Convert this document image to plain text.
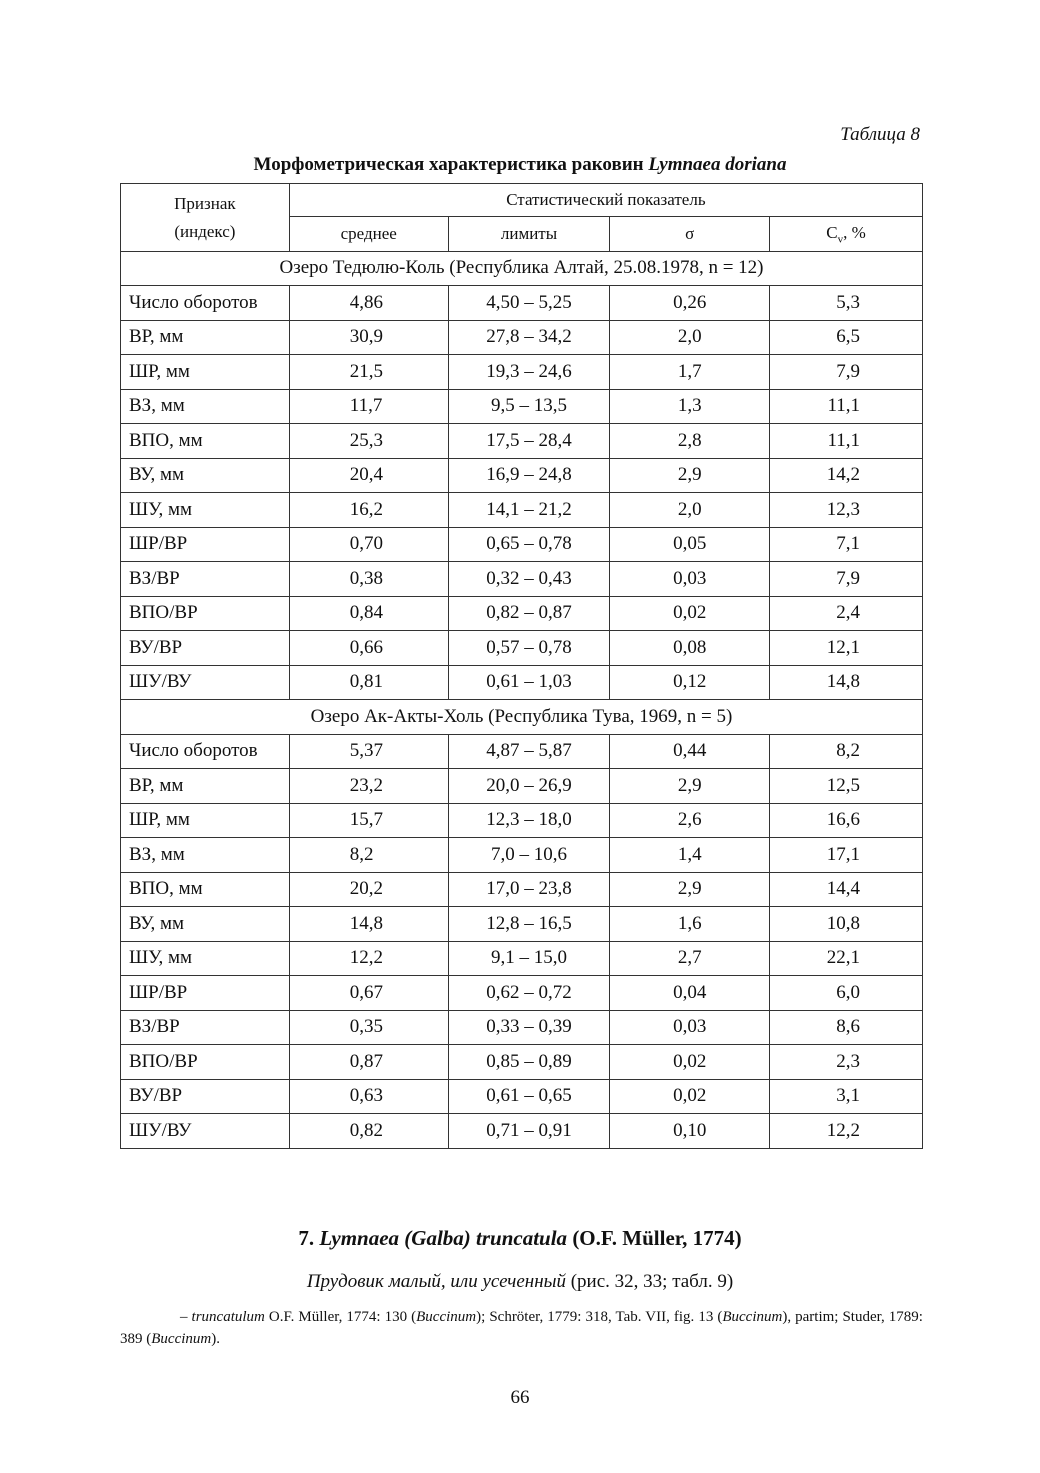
Таблица 8
Морфометрическая характеристика раковин Lymnaea doriana
Признак
(индекс)	Статистический показатель			
	среднее	лимиты	σ	$C_v$, %
Озеро Тедюлю-Коль (Республика Алтай, 25.08.1978, n = 12)				
Число оборотов	4,86	4,50 – 5,25	0,26	5,3
ВР, мм	30,9	27,8 – 34,2	2,0	6,5
ШР, мм	21,5	19,3 – 24,6	1,7	7,9
ВЗ, мм	11,7	9,5 – 13,5	1,3	11,1
ВПО, мм	25,3	17,5 – 28,4	2,8	11,1
ВУ, мм	20,4	16,9 – 24,8	2,9	14,2
ШУ, мм	16,2	14,1 – 21,2	2,0	12,3
ШР/ВР	0,70	0,65 – 0,78	0,05	7,1
ВЗ/ВР	0,38	0,32 – 0,43	0,03	7,9
ВПО/ВР	0,84	0,82 – 0,87	0,02	2,4
ВУ/ВР	0,66	0,57 – 0,78	0,08	12,1
ШУ/ВУ	0,81	0,61 – 1,03	0,12	14,8
Озеро Ак-Акты-Холь (Республика Тува, 1969, n = 5)				
Число оборотов	5,37	4,87 – 5,87	0,44	8,2
ВР, мм	23,2	20,0 – 26,9	2,9	12,5
ШР, мм	15,7	12,3 – 18,0	2,6	16,6
ВЗ, мм	8,2	7,0 – 10,6	1,4	17,1
ВПО, мм	20,2	17,0 – 23,8	2,9	14,4
ВУ, мм	14,8	12,8 – 16,5	1,6	10,8
ШУ, мм	12,2	9,1 – 15,0	2,7	22,1
ШР/ВР	0,67	0,62 – 0,72	0,04	6,0
ВЗ/ВР	0,35	0,33 – 0,39	0,03	8,6
ВПО/ВР	0,87	0,85 – 0,89	0,02	2,3
ВУ/ВР	0,63	0,61 – 0,65	0,02	3,1
ШУ/ВУ	0,82	0,71 – 0,91	0,10	12,2
7. Lymnaea (Galba) truncatula (O.F. Müller, 1774)
Прудовик малый, или усеченный (рис. 32, 33; табл. 9)
– truncatulum O.F. Müller, 1774: 130 (Buccinum); Schröter, 1779: 318, Tab. VII, fig. 13 (Buccinum), partim; Studer, 1789: 389 (Buccinum).
66
